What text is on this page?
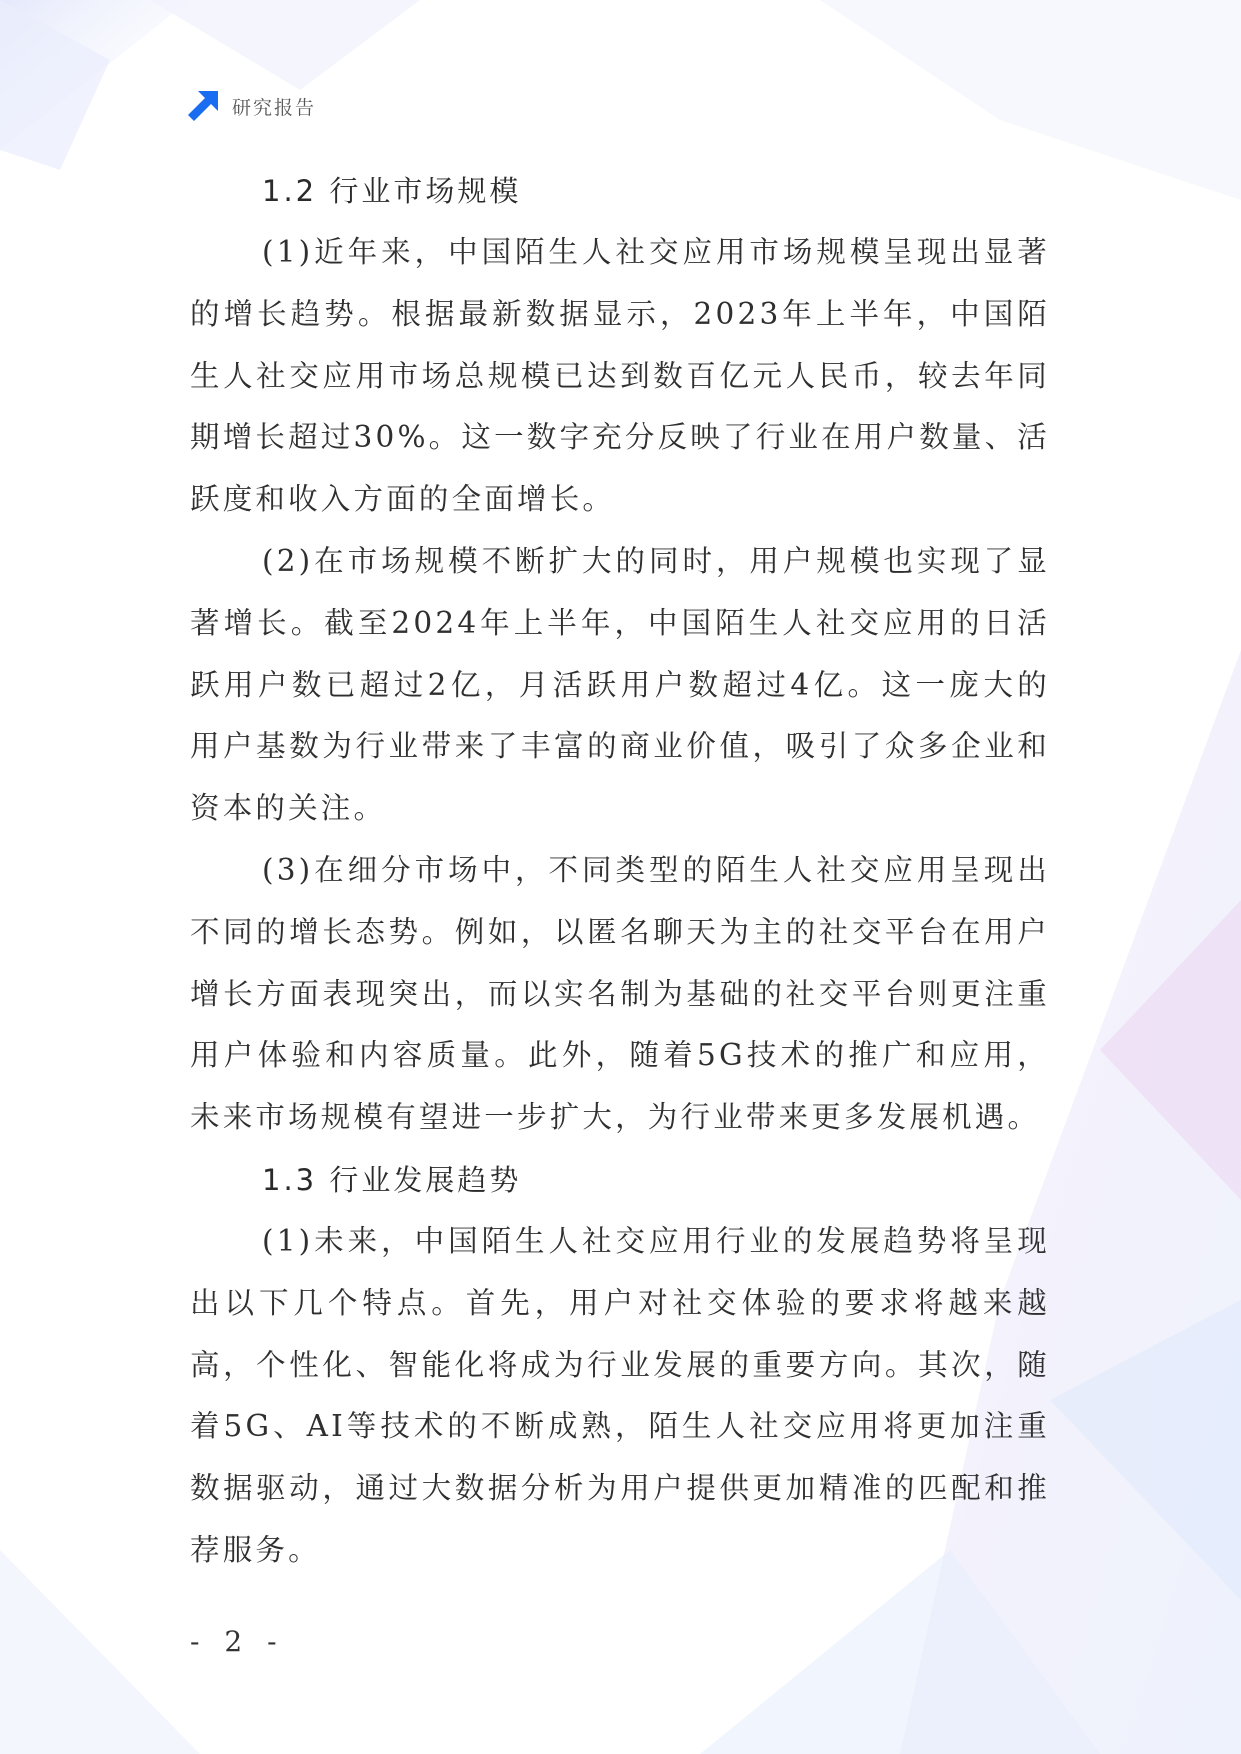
研究报告
1.2 行业市场规模

(1)近年来，中国陌生人社交应用市场规模呈现出显著的增长趋势。根据最新数据显示，2023年上半年，中国陌生人社交应用市场总规模已达到数百亿元人民币，较去年同期增长超过30%。这一数字充分反映了行业在用户数量、活跃度和收入方面的全面增长。

(2)在市场规模不断扩大的同时，用户规模也实现了显著增长。截至2024年上半年，中国陌生人社交应用的日活跃用户数已超过2亿，月活跃用户数超过4亿。这一庞大的用户基数为行业带来了丰富的商业价值，吸引了众多企业和资本的关注。

(3)在细分市场中，不同类型的陌生人社交应用呈现出不同的增长态势。例如，以匿名聊天为主的社交平台在用户增长方面表现突出，而以实名制为基础的社交平台则更注重用户体验和内容质量。此外，随着5G技术的推广和应用，未来市场规模有望进一步扩大，为行业带来更多发展机遇。

1.3 行业发展趋势

(1)未来，中国陌生人社交应用行业的发展趋势将呈现出以下几个特点。首先，用户对社交体验的要求将越来越高，个性化、智能化将成为行业发展的重要方向。其次，随着5G、AI等技术的不断成熟，陌生人社交应用将更加注重数据驱动，通过大数据分析为用户提供更加精准的匹配和推荐服务。

- 2 -
